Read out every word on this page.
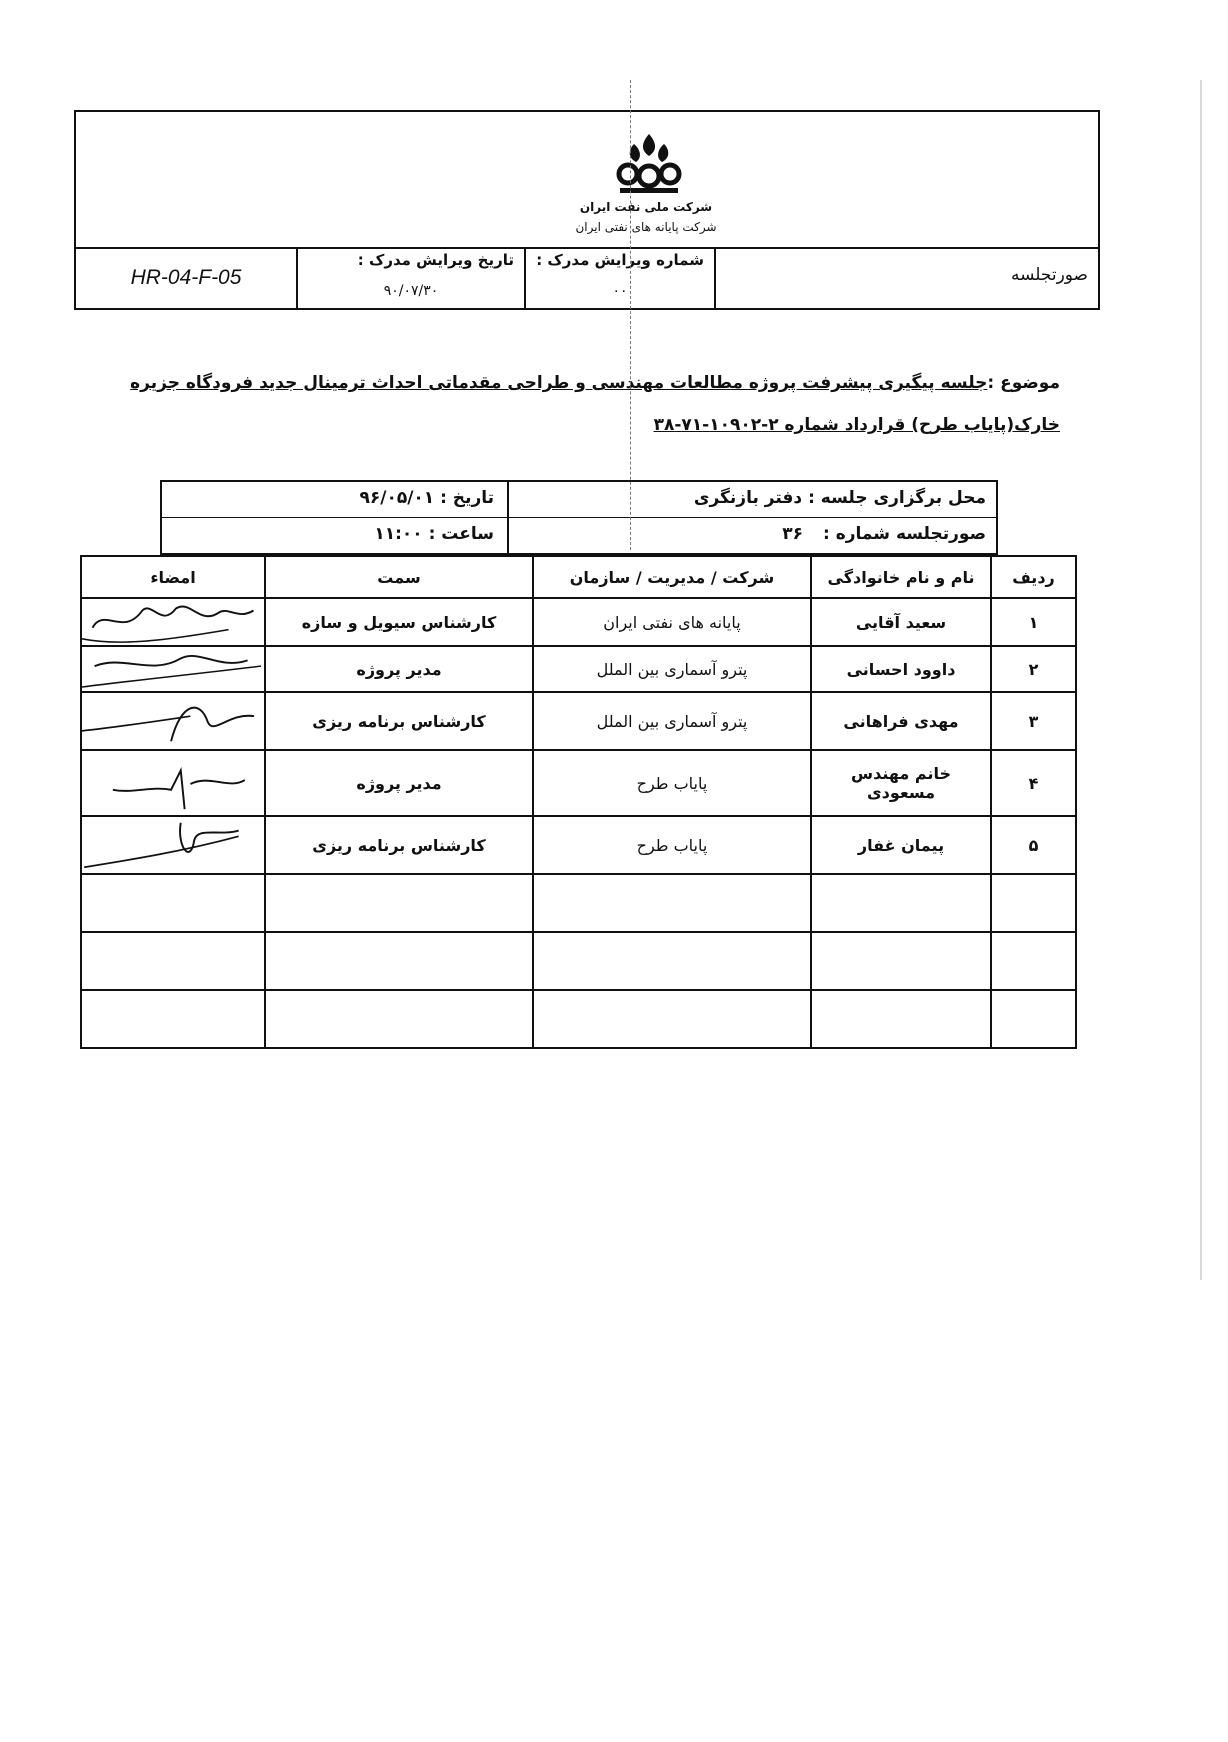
شرکت ملی نفت ایران
شرکت پایانه های نفتی ایران
HR-04-F-05
تاریخ ویرایش مدرک :
۹۰/۰۷/۳۰
شماره ویرایش مدرک :
۰۰
صورتجلسه
موضوع :جلسه پیگیری پیشرفت پروژه مطالعات مهندسی و طراحی مقدماتی احداث ترمینال جدید فرودگاه جزیره
خارک(پایاب طرح) قرارداد شماره ۲-۱۰۹۰۲-۷۱-۳۸
محل برگزاری جلسه : دفتر بازنگری
صورتجلسه شماره : ۳۶
تاریخ : ۹۶/۰۵/۰۱
ساعت : ۱۱:۰۰
امضاء	سمت	شرکت / مدیریت / سازمان	نام و نام خانوادگی	ردیف

	کارشناس سیویل و سازه	پایانه های نفتی ایران	سعید آقایی	۱

	مدیر پروژه	پترو آسماری بین الملل	داوود احسانی	۲

	کارشناس برنامه ریزی	پترو آسماری بین الملل	مهدی فراهانی	۳

	مدیر پروژه	پایاب طرح	خانم مهندس مسعودی	۴

	کارشناس برنامه ریزی	پایاب طرح	پیمان غفار	۵
